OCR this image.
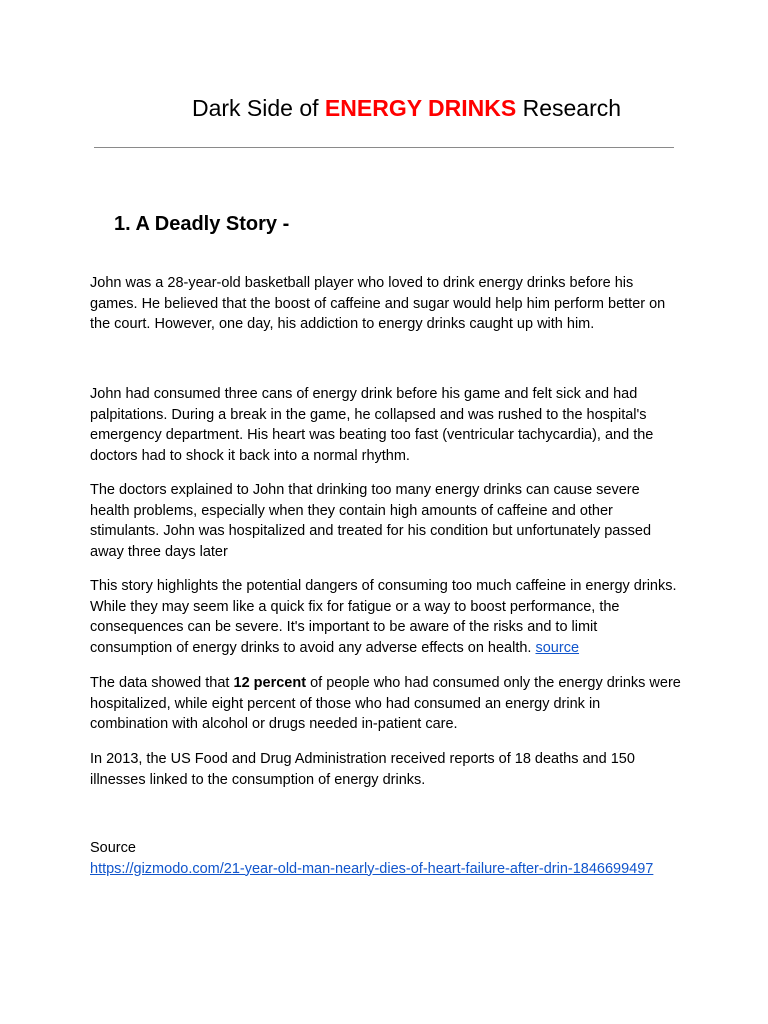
Dark Side of ENERGY DRINKS Research
1. A Deadly Story -

John was a 28-year-old basketball player who loved to drink energy drinks before his games. He believed that the boost of caffeine and sugar would help him perform better on the court. However, one day, his addiction to energy drinks caught up with him.

John had consumed three cans of energy drink before his game and felt sick and had palpitations. During a break in the game, he collapsed and was rushed to the hospital's emergency department. His heart was beating too fast (ventricular tachycardia), and the doctors had to shock it back into a normal rhythm.

The doctors explained to John that drinking too many energy drinks can cause severe health problems, especially when they contain high amounts of caffeine and other stimulants. John was hospitalized and treated for his condition but unfortunately passed away three days later

This story highlights the potential dangers of consuming too much caffeine in energy drinks. While they may seem like a quick fix for fatigue or a way to boost performance, the consequences can be severe. It's important to be aware of the risks and to limit consumption of energy drinks to avoid any adverse effects on health. source

The data showed that 12 percent of people who had consumed only the energy drinks were hospitalized, while eight percent of those who had consumed an energy drink in combination with alcohol or drugs needed in-patient care.

In 2013, the US Food and Drug Administration received reports of 18 deaths and 150 illnesses linked to the consumption of energy drinks.

Source
https://gizmodo.com/21-year-old-man-nearly-dies-of-heart-failure-after-drin-1846699497
